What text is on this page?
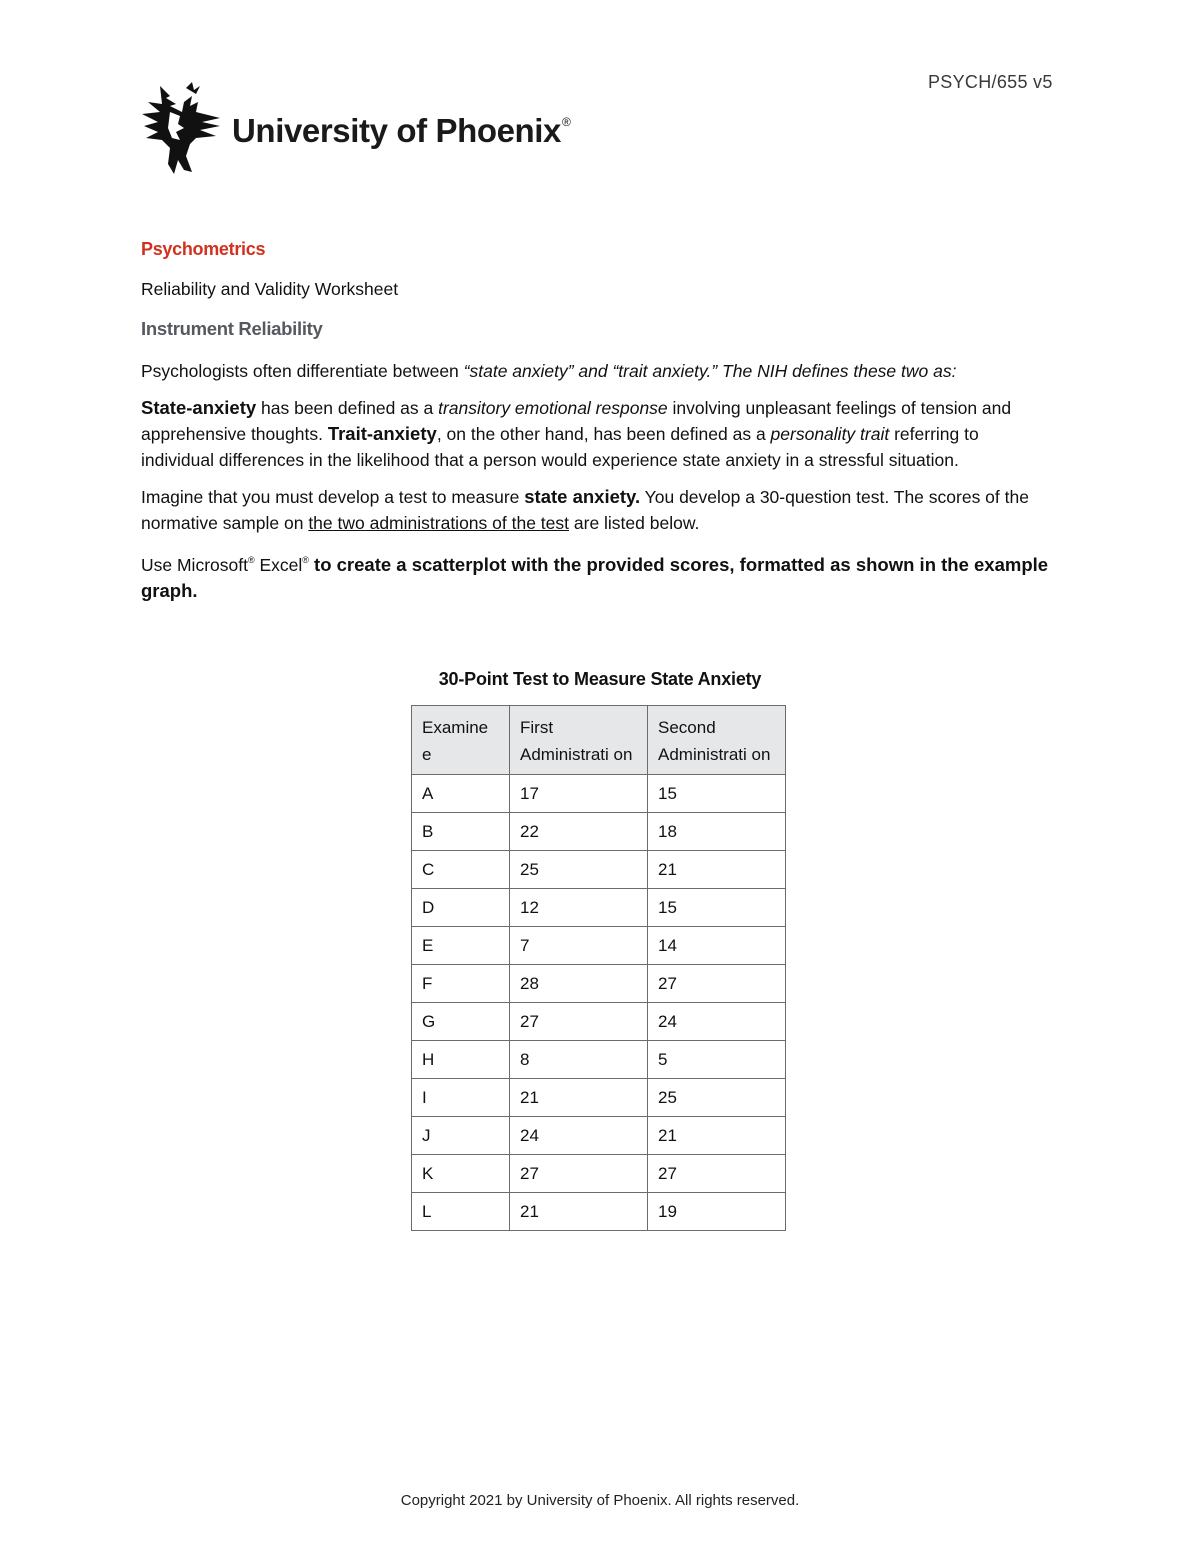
PSYCH/655 v5
University of Phoenix®
Psychometrics
Reliability and Validity Worksheet
Instrument Reliability

Psychologists often differentiate between “state anxiety” and “trait anxiety.” The NIH defines these two as:

State-anxiety has been defined as a transitory emotional response involving unpleasant feelings of tension and apprehensive thoughts. Trait-anxiety, on the other hand, has been defined as a personality trait referring to individual differences in the likelihood that a person would experience state anxiety in a stressful situation.

Imagine that you must develop a test to measure state anxiety. You develop a 30-question test. The scores of the normative sample on the two administrations of the test are listed below.

Use Microsoft® Excel® to create a scatterplot with the provided scores, formatted as shown in the example graph.

30-Point Test to Measure State Anxiety
Examine e	First Administrati on	Second Administrati on
A	17	15
B	22	18
C	25	21
D	12	15
E	7	14
F	28	27
G	27	24
H	8	5
I	21	25
J	24	21
K	27	27
L	21	19
Copyright 2021 by University of Phoenix. All rights reserved.
